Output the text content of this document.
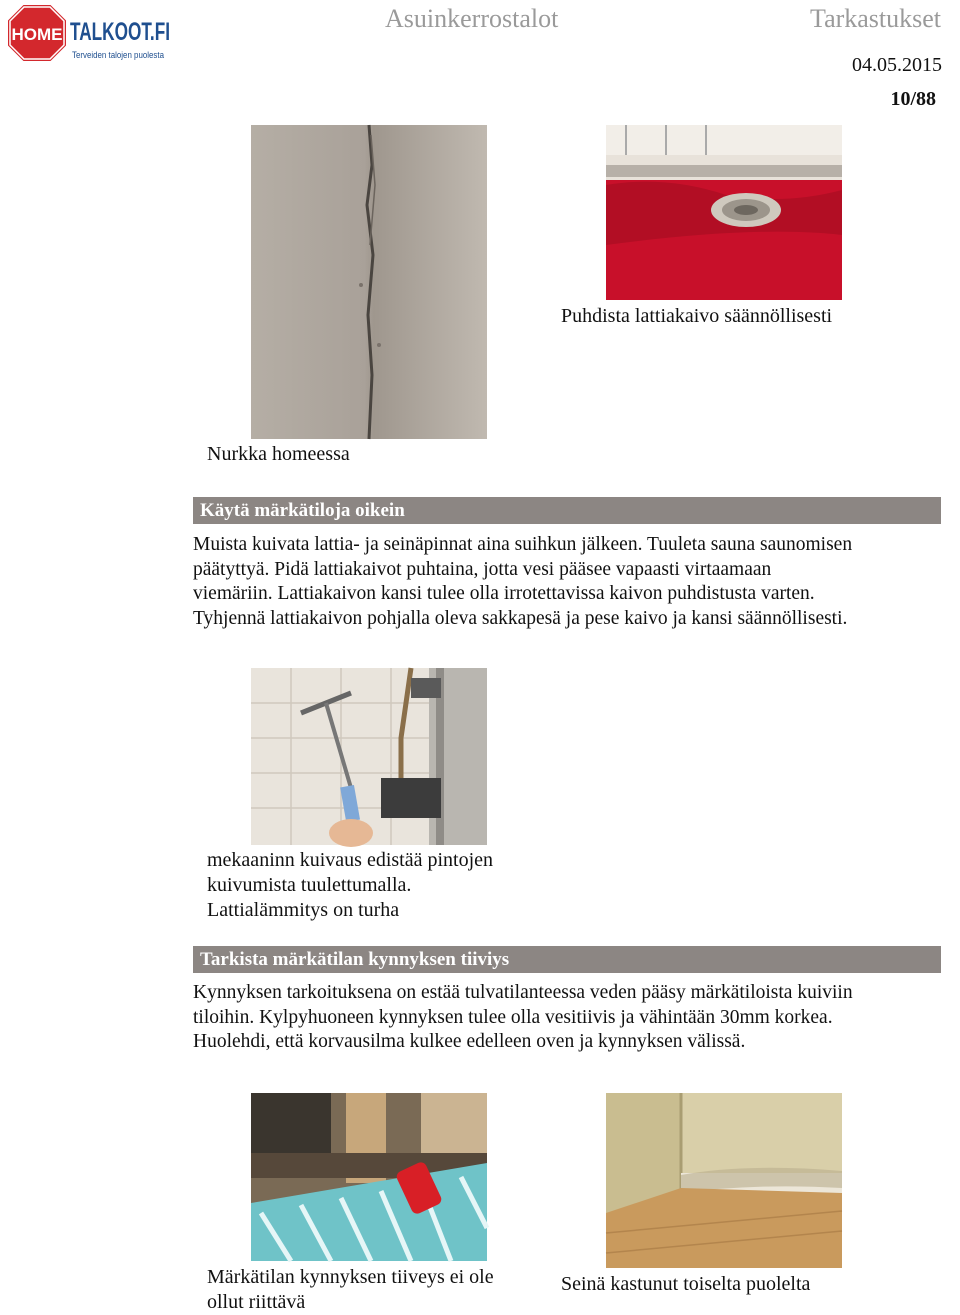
HOME TALKOOT.FI
Terveiden talojen puolesta
Asuinkerrostalot	Tarkastukset
04.05.2015
10/88
Nurkka homeessa
Puhdista lattiakaivo säännöllisesti
Käytä märkätiloja oikein
Muista kuivata lattia- ja seinäpinnat aina suihkun jälkeen. Tuuleta sauna saunomisen
päätyttyä. Pidä lattiakaivot puhtaina, jotta vesi pääsee vapaasti virtaamaan
viemäriin. Lattiakaivon kansi tulee olla irrotettavissa kaivon puhdistusta varten.
Tyhjennä lattiakaivon pohjalla oleva sakkapesä ja pese kaivo ja kansi säännöllisesti.
mekaaninn kuivaus edistää pintojen
kuivumista tuulettumalla.
Lattialämmitys on turha
Tarkista märkätilan kynnyksen tiiviys
Kynnyksen tarkoituksena on estää tulvatilanteessa veden pääsy märkätiloista kuiviin
tiloihin. Kylpyhuoneen kynnyksen tulee olla vesitiivis ja vähintään 30mm korkea.
Huolehdi, että korvausilma kulkee edelleen oven ja kynnyksen välissä.
Märkätilan kynnyksen tiiveys ei ole
ollut riittävä
Seinä kastunut toiselta puolelta
